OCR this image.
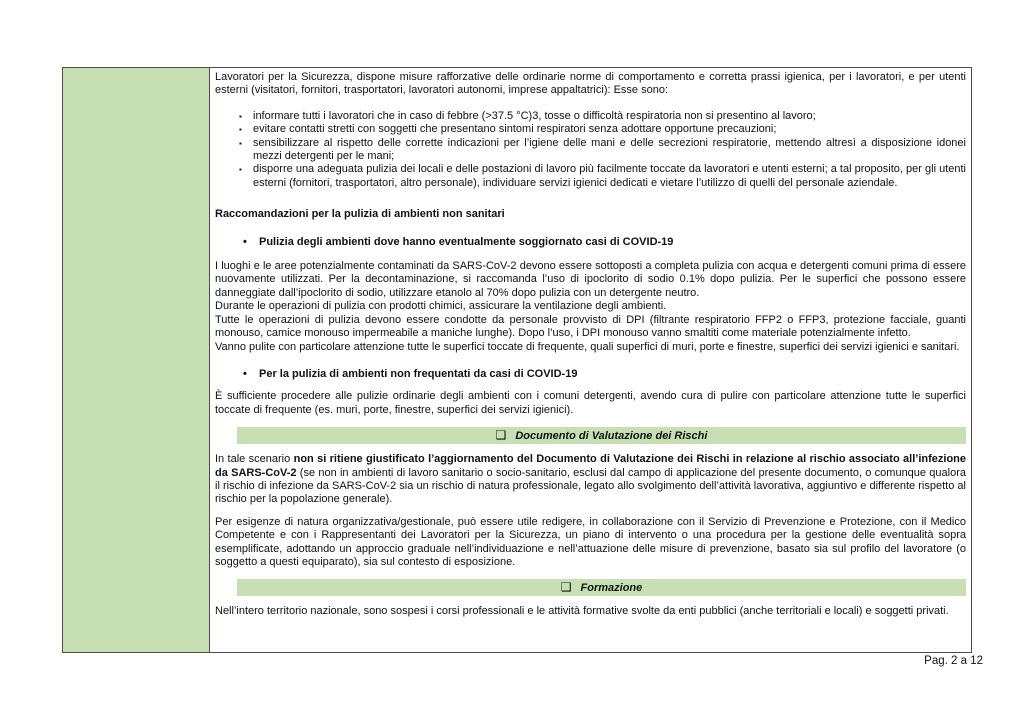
Lavoratori per la Sicurezza, dispone misure rafforzative delle ordinarie norme di comportamento e corretta prassi igienica, per i lavoratori, e per utenti esterni (visitatori, fornitori, trasportatori, lavoratori autonomi, imprese appaltatrici): Esse sono:

▪ informare tutti i lavoratori che in caso di febbre (>37.5 °C)3, tosse o difficoltà respiratoria non si presentino al lavoro;
▪ evitare contatti stretti con soggetti che presentano sintomi respiratori senza adottare opportune precauzioni;
▪ sensibilizzare al rispetto delle corrette indicazioni per l’igiene delle mani e delle secrezioni respiratorie, mettendo altresì a disposizione idonei mezzi detergenti per le mani;
▪ disporre una adeguata pulizia dei locali e delle postazioni di lavoro più facilmente toccate da lavoratori e utenti esterni; a tal proposito, per gli utenti esterni (fornitori, trasportatori, altro personale), individuare servizi igienici dedicati e vietare l’utilizzo di quelli del personale aziendale.
Raccomandazioni per la pulizia di ambienti non sanitari
• Pulizia degli ambienti dove hanno eventualmente soggiornato casi di COVID-19

I luoghi e le aree potenzialmente contaminati da SARS-CoV-2 devono essere sottoposti a completa pulizia con acqua e detergenti comuni prima di essere nuovamente utilizzati. Per la decontaminazione, si raccomanda l’uso di ipoclorito di sodio 0.1% dopo pulizia. Per le superfici che possono essere danneggiate dall’ipoclorito di sodio, utilizzare etanolo al 70% dopo pulizia con un detergente neutro.

Durante le operazioni di pulizia con prodotti chimici, assicurare la ventilazione degli ambienti.

Tutte le operazioni di pulizia devono essere condotte da personale provvisto di DPI (filtrante respiratorio FFP2 o FFP3, protezione facciale, guanti monouso, camice monouso impermeabile a maniche lunghe). Dopo l’uso, i DPI monouso vanno smaltiti come materiale potenzialmente infetto.

Vanno pulite con particolare attenzione tutte le superfici toccate di frequente, quali superfici di muri, porte e finestre, superfici dei servizi igienici e sanitari.

• Per la pulizia di ambienti non frequentati da casi di COVID-19

È sufficiente procedere alle pulizie ordinarie degli ambienti con i comuni detergenti, avendo cura di pulire con particolare attenzione tutte le superfici toccate di frequente (es. muri, porte, finestre, superfici dei servizi igienici).

❑ Documento di Valutazione dei Rischi

In tale scenario non si ritiene giustificato l’aggiornamento del Documento di Valutazione dei Rischi in relazione al rischio associato all’infezione da SARS-CoV-2 (se non in ambienti di lavoro sanitario o socio-sanitario, esclusi dal campo di applicazione del presente documento, o comunque qualora il rischio di infezione da SARS-CoV-2 sia un rischio di natura professionale, legato allo svolgimento dell’attività lavorativa, aggiuntivo e differente rispetto al rischio per la popolazione generale).

Per esigenze di natura organizzativa/gestionale, può essere utile redigere, in collaborazione con il Servizio di Prevenzione e Protezione, con il Medico Competente e con i Rappresentanti dei Lavoratori per la Sicurezza, un piano di intervento o una procedura per la gestione delle eventualità sopra esemplificate, adottando un approccio graduale nell’individuazione e nell’attuazione delle misure di prevenzione, basato sia sul profilo del lavoratore (o soggetto a questi equiparato), sia sul contesto di esposizione.

❑ Formazione

Nell’intero territorio nazionale, sono sospesi i corsi professionali e le attività formative svolte da enti pubblici (anche territoriali e locali) e soggetti privati.

Pag. 2 a 12
